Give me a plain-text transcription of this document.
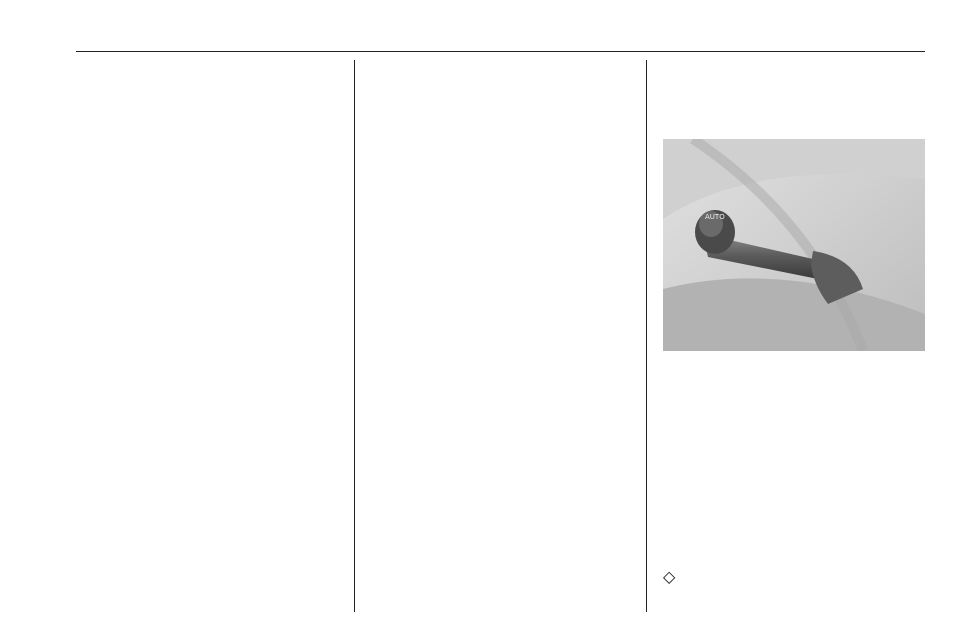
AUTO
◇
